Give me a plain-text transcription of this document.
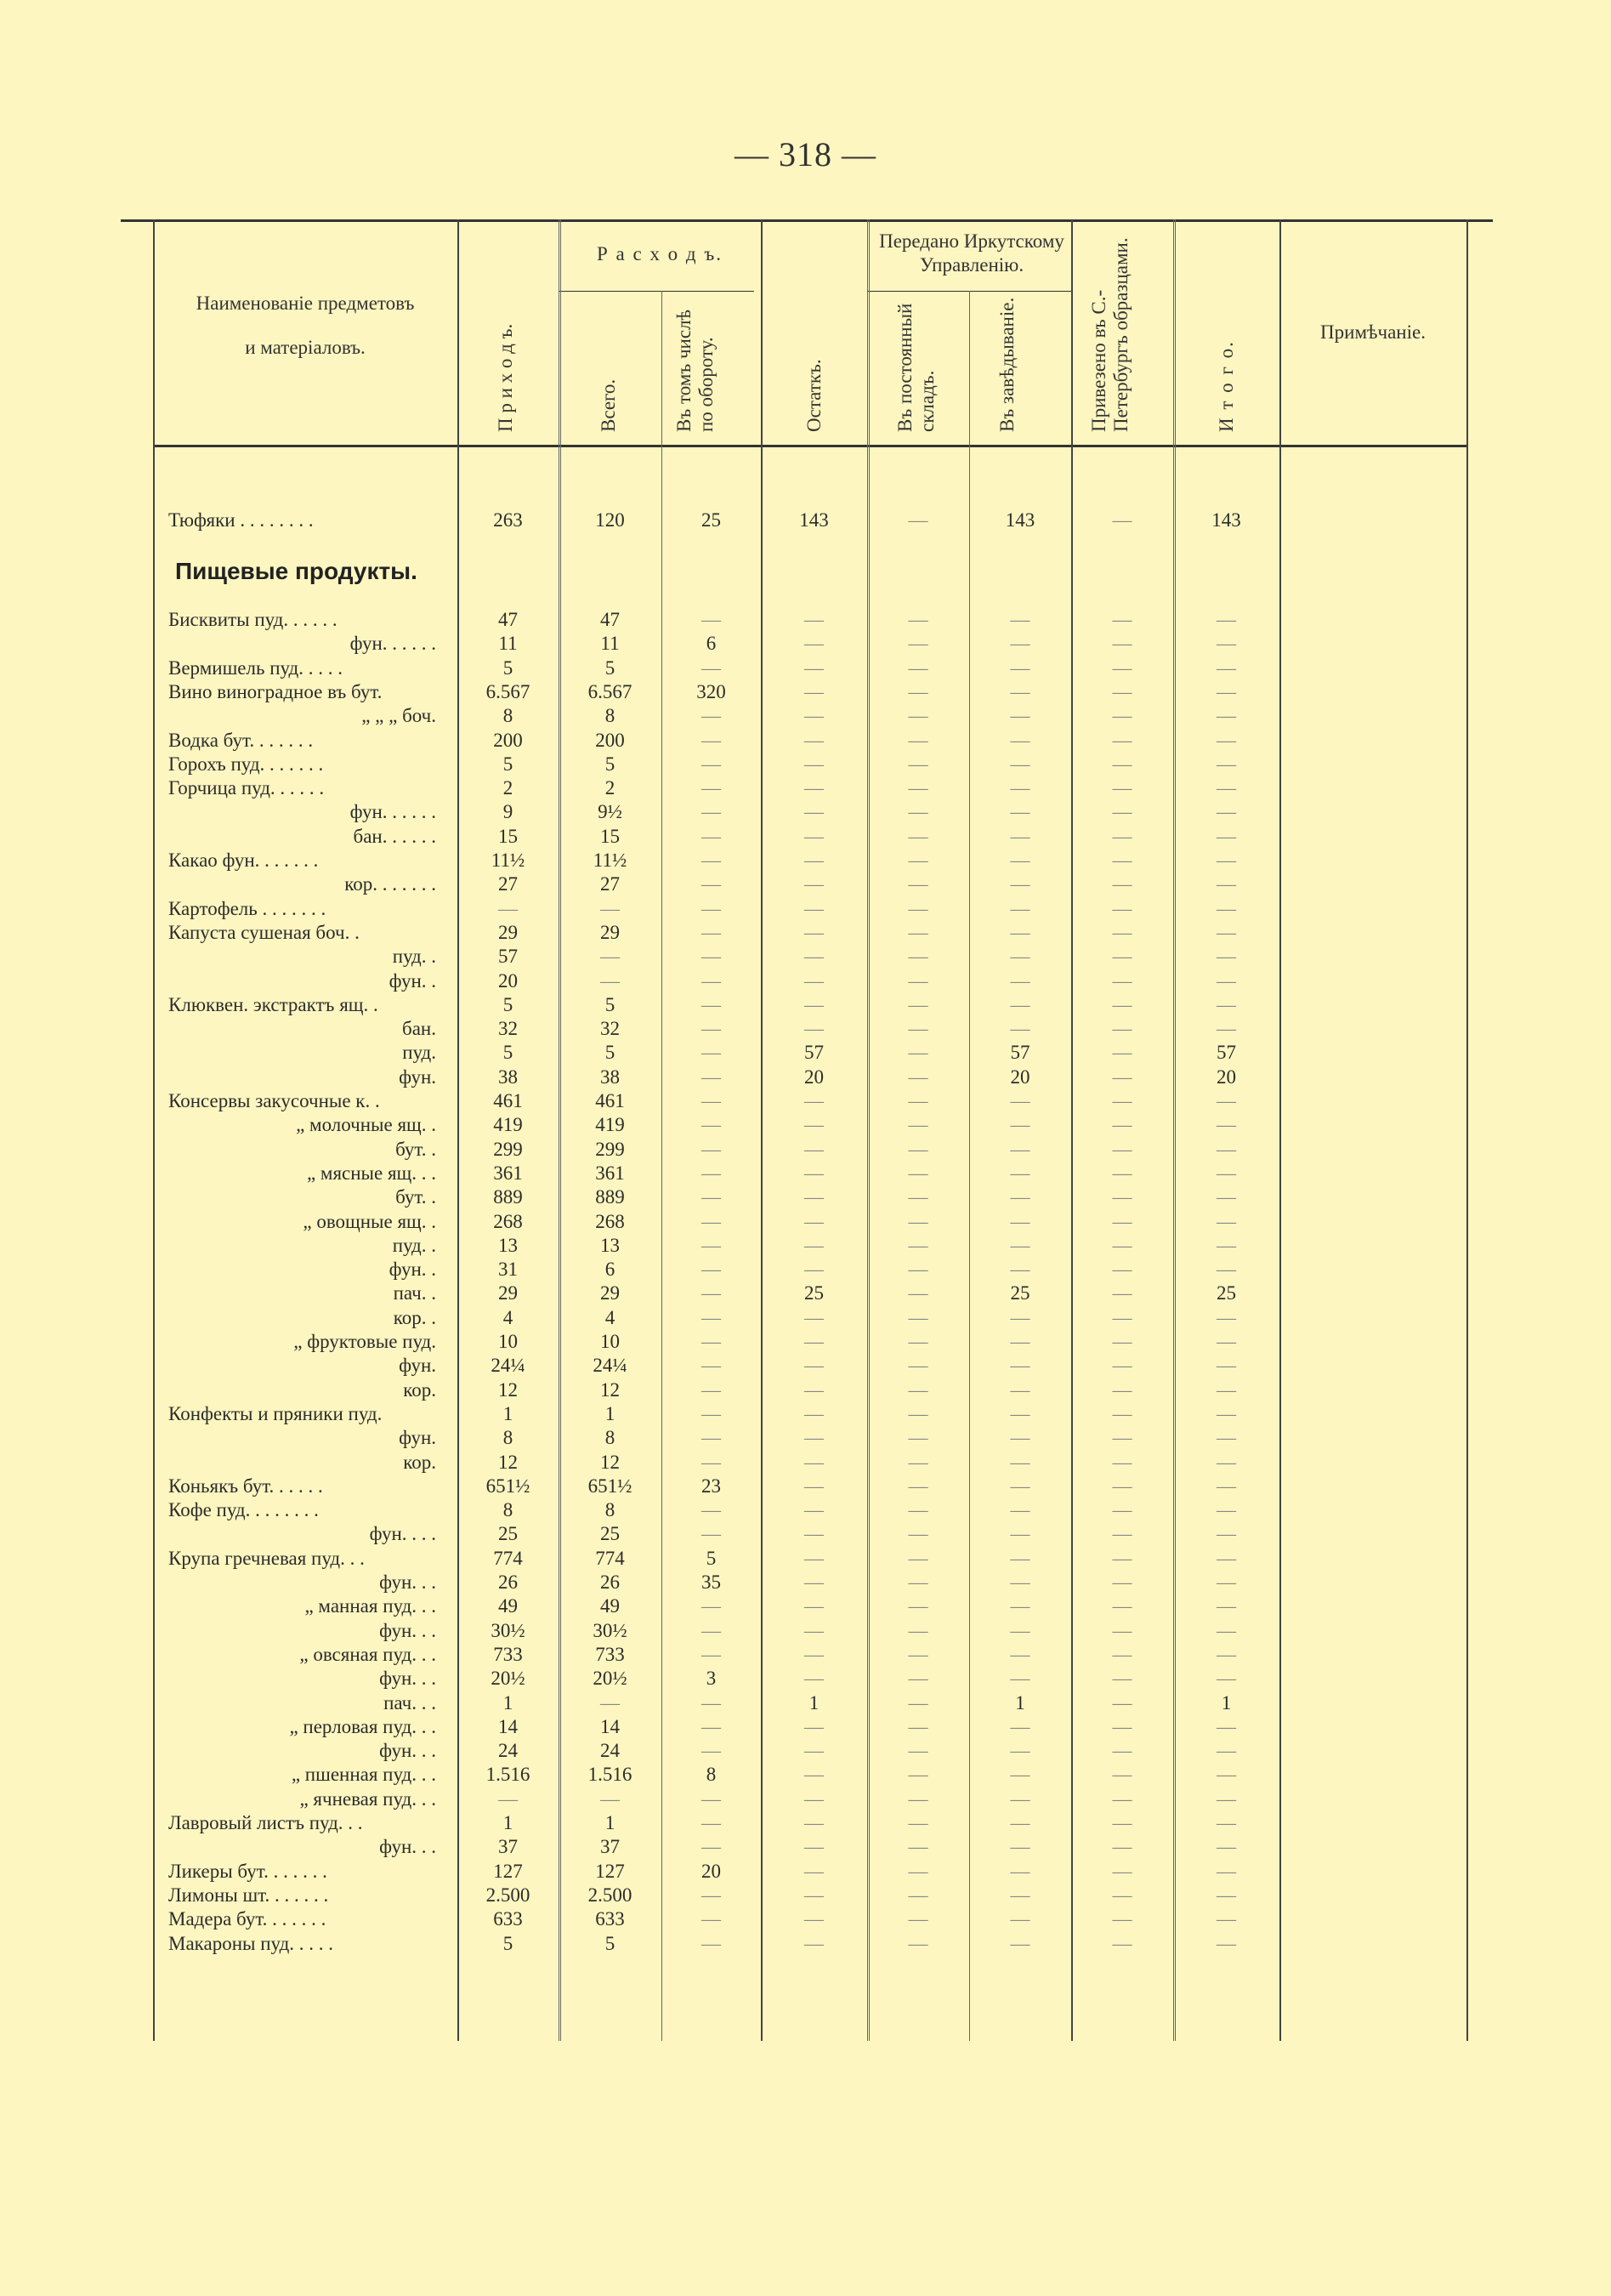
— 318 —
Наименованіе предметовъ
и матеріаловъ.	П р и х о д ъ.
Р а с х о д ъ.
Всего.	Въ томъ числѣ по обороту.	Остаткъ.
Передано Иркутскому Управленію.
Въ постоянный складъ.	Въ завѣдываніе.	Привезено въ С.-Петербургъ образцами.	И т о г о.
Примѣчаніе.
Тюфяки . . . . . . . .	263	120	25	143	—	143	—	143
Пищевые продукты.
Бисквиты пуд. . . . . .	47	47	—	—	—	—	—	—
фун. . . . . .	11	11	6	—	—	—	—	—
Вермишель пуд. . . . .	5	5	—	—	—	—	—	—
Вино виноградное въ бут.	6.567	6.567	320	—	—	—	—	—
„ „ „ боч.	8	8	—	—	—	—	—	—
Водка бут. . . . . . .	200	200	—	—	—	—	—	—
Горохъ пуд. . . . . . .	5	5	—	—	—	—	—	—
Горчица пуд. . . . . .	2	2	—	—	—	—	—	—
фун. . . . . .	9	9½	—	—	—	—	—	—
бан. . . . . .	15	15	—	—	—	—	—	—
Какао фун. . . . . . .	11½	11½	—	—	—	—	—	—
кор. . . . . . .	27	27	—	—	—	—	—	—
Картофель . . . . . . .	—	—	—	—	—	—	—	—
Капуста сушеная боч. .	29	29	—	—	—	—	—	—
пуд. .	57	—	—	—	—	—	—	—
фун. .	20	—	—	—	—	—	—	—
Клюквен. экстрактъ ящ. .	5	5	—	—	—	—	—	—
бан.	32	32	—	—	—	—	—	—
пуд.	5	5	—	57	—	57	—	57
фун.	38	38	—	20	—	20	—	20
Консервы закусочные к. .	461	461	—	—	—	—	—	—
„ молочные ящ. .	419	419	—	—	—	—	—	—
бут. .	299	299	—	—	—	—	—	—
„ мясные ящ. . .	361	361	—	—	—	—	—	—
бут. .	889	889	—	—	—	—	—	—
„ овощные ящ. .	268	268	—	—	—	—	—	—
пуд. .	13	13	—	—	—	—	—	—
фун. .	31	6	—	—	—	—	—	—
пач. .	29	29	—	25	—	25	—	25
кор. .	4	4	—	—	—	—	—	—
„ фруктовые пуд.	10	10	—	—	—	—	—	—
фун.	24¼	24¼	—	—	—	—	—	—
кор.	12	12	—	—	—	—	—	—
Конфекты и пряники пуд.	1	1	—	—	—	—	—	—
фун.	8	8	—	—	—	—	—	—
кор.	12	12	—	—	—	—	—	—
Коньякъ бут. . . . . .	651½	651½	23	—	—	—	—	—
Кофе пуд. . . . . . . .	8	8	—	—	—	—	—	—
фун. . . .	25	25	—	—	—	—	—	—
Крупа гречневая пуд. . .	774	774	5	—	—	—	—	—
фун. . .	26	26	35	—	—	—	—	—
„ манная пуд. . .	49	49	—	—	—	—	—	—
фун. . .	30½	30½	—	—	—	—	—	—
„ овсяная пуд. . .	733	733	—	—	—	—	—	—
фун. . .	20½	20½	3	—	—	—	—	—
пач. . .	1	—	—	1	—	1	—	1
„ перловая пуд. . .	14	14	—	—	—	—	—	—
фун. . .	24	24	—	—	—	—	—	—
„ пшенная пуд. . .	1.516	1.516	8	—	—	—	—	—
„ ячневая пуд. . .	—	—	—	—	—	—	—	—
Лавровый листъ пуд. . .	1	1	—	—	—	—	—	—
фун. . .	37	37	—	—	—	—	—	—
Ликеры бут. . . . . . .	127	127	20	—	—	—	—	—
Лимоны шт. . . . . . .	2.500	2.500	—	—	—	—	—	—
Мадера бут. . . . . . .	633	633	—	—	—	—	—	—
Макароны пуд. . . . .	5	5	—	—	—	—	—	—
